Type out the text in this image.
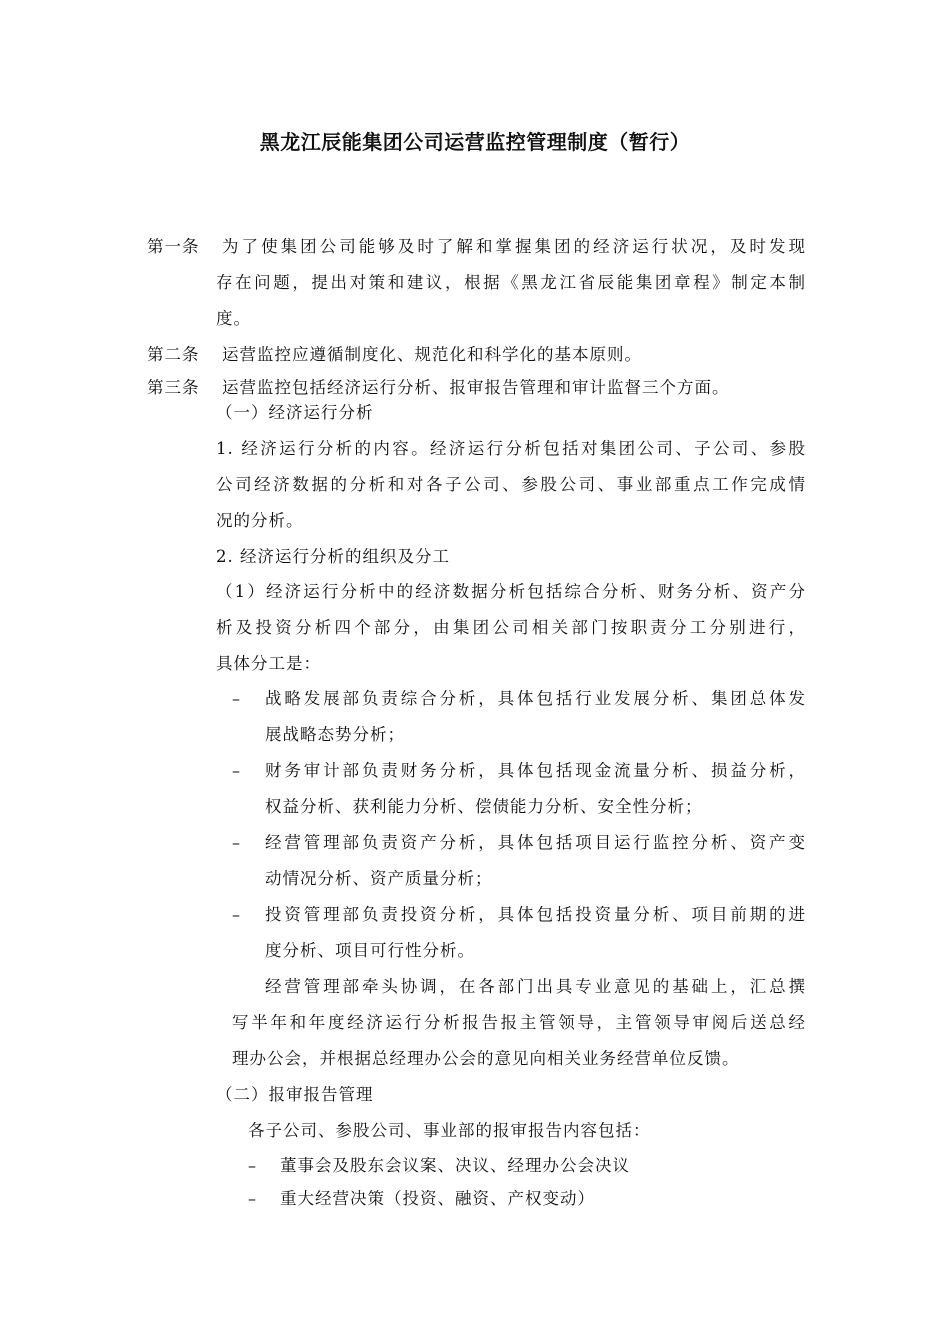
黑龙江辰能集团公司运营监控管理制度（暂行）
第一条 为了使集团公司能够及时了解和掌握集团的经济运行状况，及时发现
存在问题，提出对策和建议，根据《黑龙江省辰能集团章程》制定本制
度。
第二条 运营监控应遵循制度化、规范化和科学化的基本原则。
第三条 运营监控包括经济运行分析、报审报告管理和审计监督三个方面。
（一）经济运行分析
1. 经济运行分析的内容。经济运行分析包括对集团公司、子公司、参股
公司经济数据的分析和对各子公司、参股公司、事业部重点工作完成情
况的分析。
2. 经济运行分析的组织及分工
（1）经济运行分析中的经济数据分析包括综合分析、财务分析、资产分
析及投资分析四个部分，由集团公司相关部门按职责分工分别进行，
具体分工是：
– 战略发展部负责综合分析，具体包括行业发展分析、集团总体发
展战略态势分析；
– 财务审计部负责财务分析，具体包括现金流量分析、损益分析，
权益分析、获利能力分析、偿债能力分析、安全性分析；
– 经营管理部负责资产分析，具体包括项目运行监控分析、资产变
动情况分析、资产质量分析；
– 投资管理部负责投资分析，具体包括投资量分析、项目前期的进
度分析、项目可行性分析。
经营管理部牵头协调，在各部门出具专业意见的基础上，汇总撰
写半年和年度经济运行分析报告报主管领导，主管领导审阅后送总经
理办公会，并根据总经理办公会的意见向相关业务经营单位反馈。
（二）报审报告管理
各子公司、参股公司、事业部的报审报告内容包括：
– 董事会及股东会议案、决议、经理办公会决议
– 重大经营决策（投资、融资、产权变动）
